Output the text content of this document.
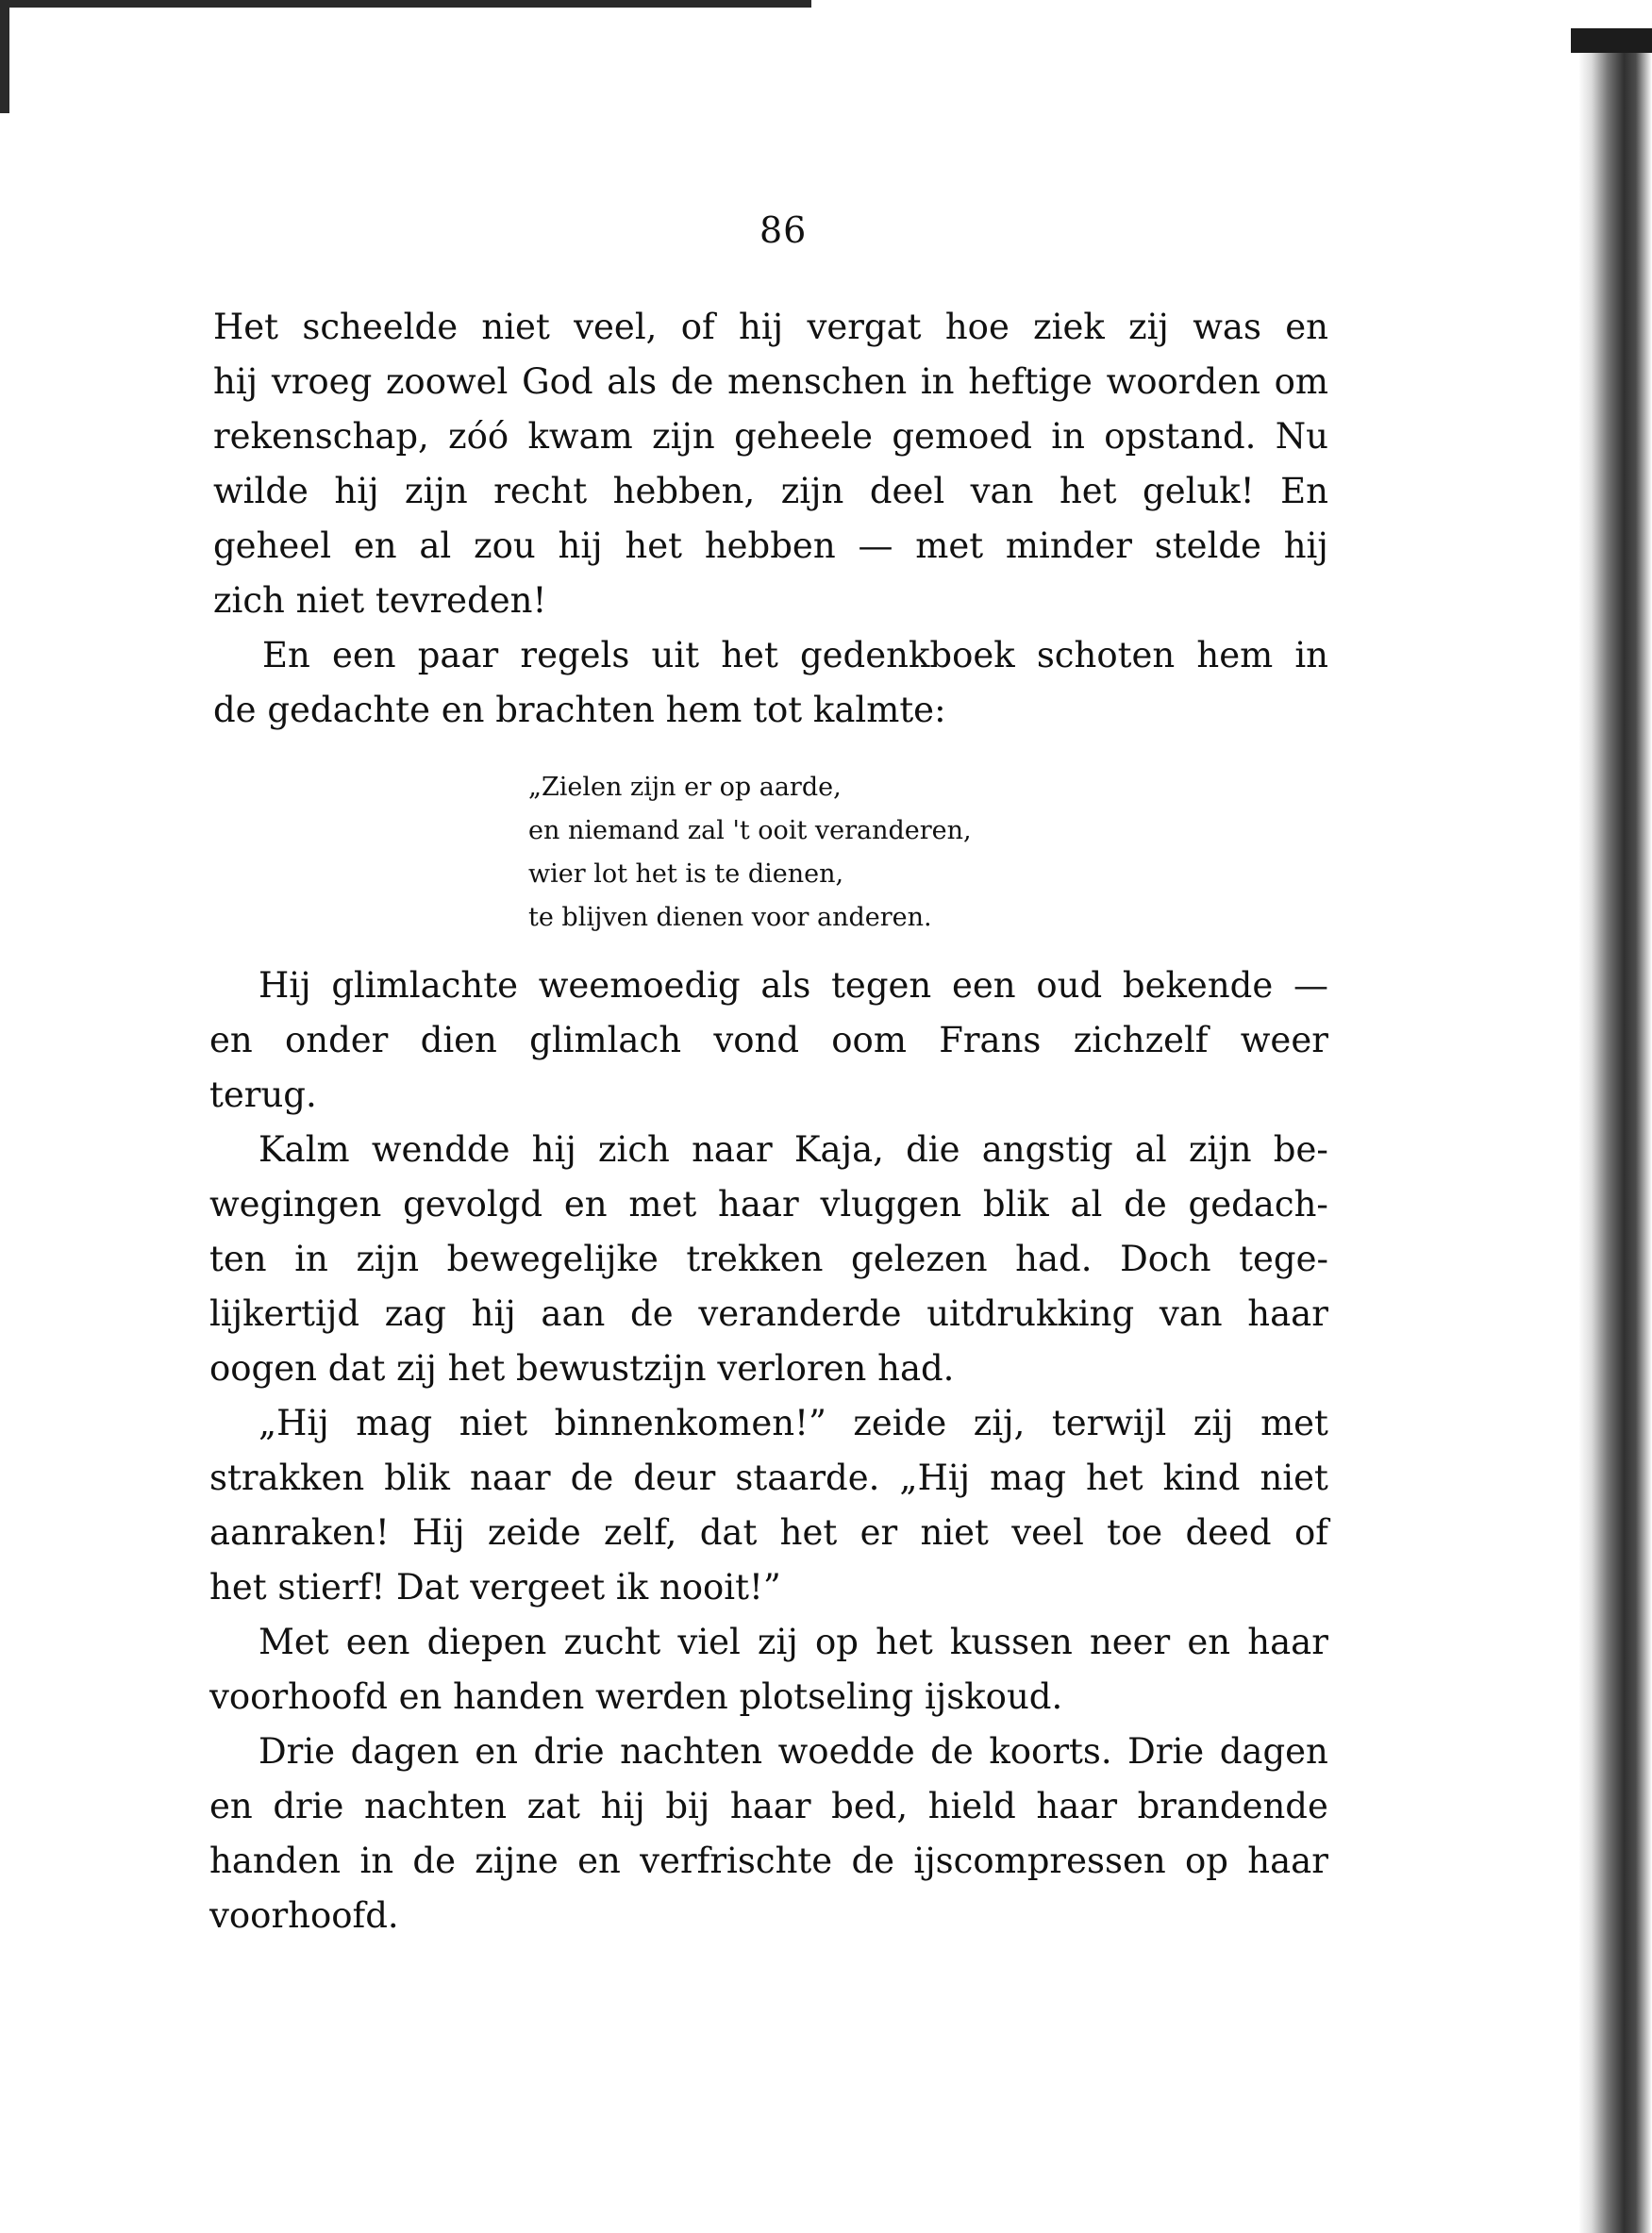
86
Het scheelde niet veel, of hij vergat hoe ziek zij was en
hij vroeg zoowel God als de menschen in heftige woorden om
rekenschap, zóó kwam zijn geheele gemoed in opstand. Nu
wilde hij zijn recht hebben, zijn deel van het geluk! En
geheel en al zou hij het hebben — met minder stelde hij
zich niet tevreden!
En een paar regels uit het gedenkboek schoten hem in
de gedachte en brachten hem tot kalmte:
„Zielen zijn er op aarde,
en niemand zal 't ooit veranderen,
wier lot het is te dienen,
te blijven dienen voor anderen.
Hij glimlachte weemoedig als tegen een oud bekende —
en onder dien glimlach vond oom Frans zichzelf weer
terug.
Kalm wendde hij zich naar Kaja, die angstig al zijn be-
wegingen gevolgd en met haar vluggen blik al de gedach-
ten in zijn bewegelijke trekken gelezen had. Doch tege-
lijkertijd zag hij aan de veranderde uitdrukking van haar
oogen dat zij het bewustzijn verloren had.
„Hij mag niet binnenkomen!” zeide zij, terwijl zij met
strakken blik naar de deur staarde. „Hij mag het kind niet
aanraken! Hij zeide zelf, dat het er niet veel toe deed of
het stierf! Dat vergeet ik nooit!”
Met een diepen zucht viel zij op het kussen neer en haar
voorhoofd en handen werden plotseling ijskoud.
Drie dagen en drie nachten woedde de koorts. Drie dagen
en drie nachten zat hij bij haar bed, hield haar brandende
handen in de zijne en verfrischte de ijscompressen op haar
voorhoofd.
